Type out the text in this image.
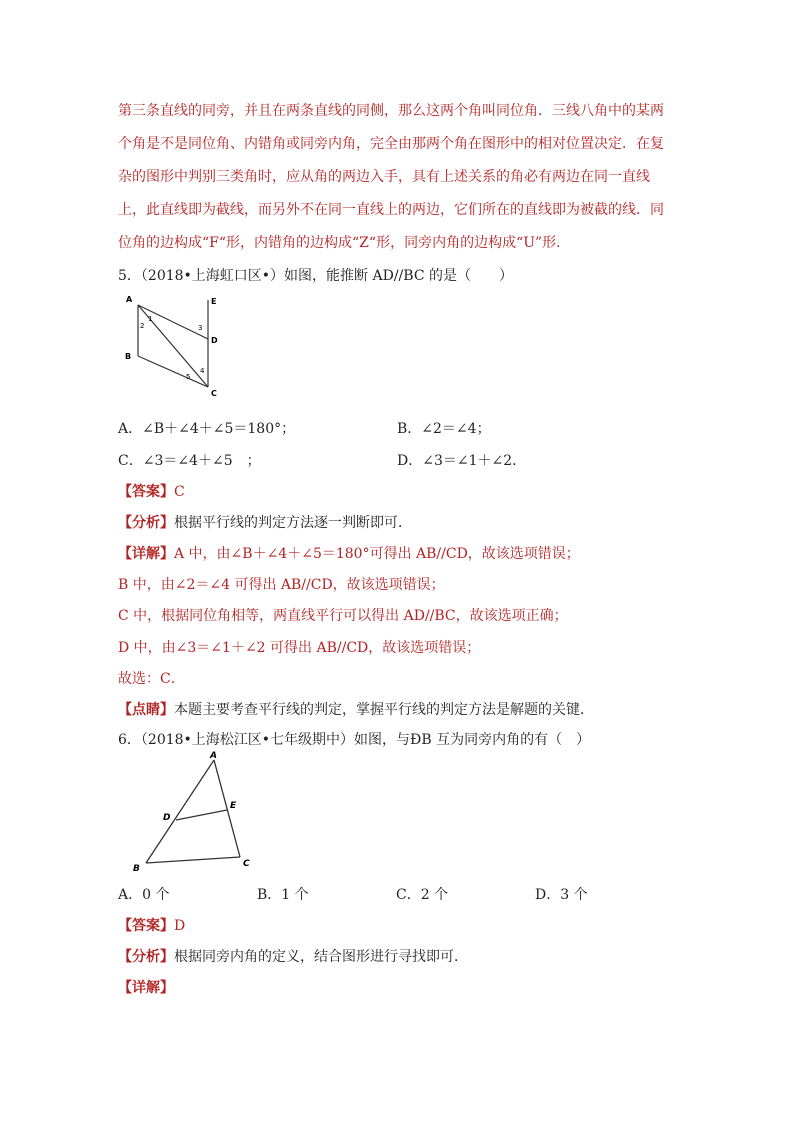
第三条直线的同旁，并且在两条直线的同侧，那么这两个角叫同位角．三线八角中的某两
个角是不是同位角、内错角或同旁内角，完全由那两个角在图形中的相对位置决定．在复
杂的图形中判别三类角时，应从角的两边入手，具有上述关系的角必有两边在同一直线
上，此直线即为截线，而另外不在同一直线上的两边，它们所在的直线即为被截的线．同
位角的边构成“F“形，内错角的边构成“Z“形，同旁内角的边构成“U”形．
5．（2018•上海虹口区•）如图，能推断 AD//BC 的是（　　）
A
B
C
D
E
1
2	3
4
5
A．∠B＋∠4＋∠5＝180°；	B．∠2＝∠4；
C．∠3＝∠4＋∠5　；	D．∠3＝∠1＋∠2．
【答案】C
【分析】根据平行线的判定方法逐一判断即可．
【详解】A 中，由∠B＋∠4＋∠5＝180°可得出 AB//CD，故该选项错误；
B 中，由∠2＝∠4 可得出 AB//CD，故该选项错误；
C 中，根据同位角相等，两直线平行可以得出 AD//BC，故该选项正确；
D 中，由∠3＝∠1＋∠2 可得出 AB//CD，故该选项错误；
故选：C．
【点睛】本题主要考查平行线的判定，掌握平行线的判定方法是解题的关键．
6．（2018•上海松江区•七年级期中）如图，与ÐB 互为同旁内角的有（　）
A
B	C
D
E
A．0 个	B．1 个	C．2 个	D．3 个
【答案】D
【分析】根据同旁内角的定义，结合图形进行寻找即可．
【详解】
